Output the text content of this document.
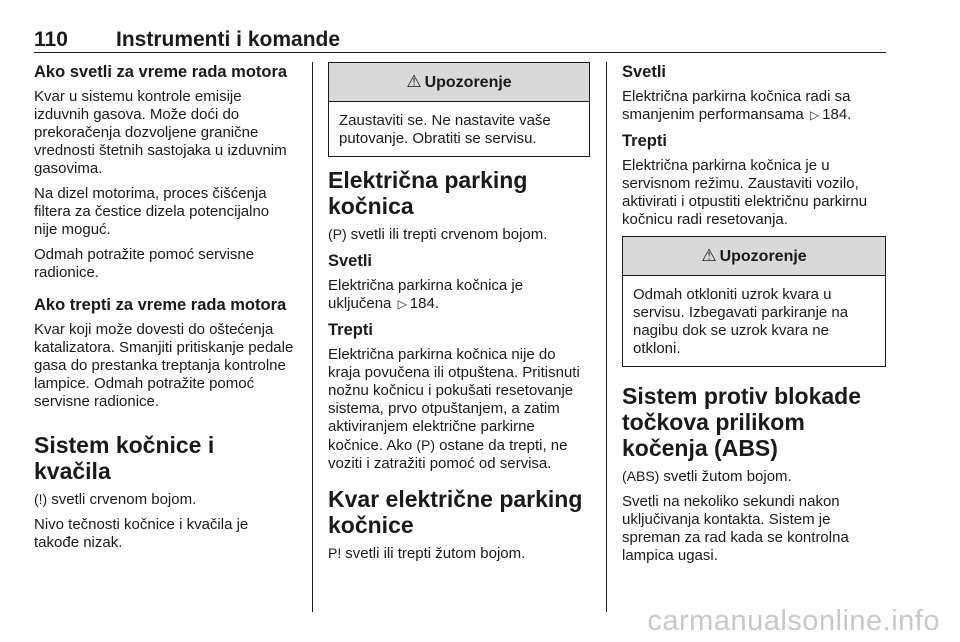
110 Instrumenti i komande
Ako svetli za vreme rada motora

Kvar u sistemu kontrole emisije izduvnih gasova. Može doći do prekoračenja dozvoljene granične vrednosti štetnih sastojaka u izduvnim gasovima.

Na dizel motorima, proces čišćenja filtera za čestice dizela potencijalno nije moguć.

Odmah potražite pomoć servisne radionice.

Ako trepti za vreme rada motora

Kvar koji može dovesti do oštećenja katalizatora. Smanjiti pritiskanje pedale gasa do prestanka treptanja kontrolne lampice. Odmah potražite pomoć servisne radionice.

Sistem kočnice i kvačila

(!) svetli crvenom bojom.

Nivo tečnosti kočnice i kvačila je takođe nizak.

⚠ Upozorenje
Zaustaviti se. Ne nastavite vaše putovanje. Obratiti se servisu.
Električna parking kočnica

(P) svetli ili trepti crvenom bojom.

Svetli

Električna parkirna kočnica je uključena ▷ 184.

Trepti

Električna parkirna kočnica nije do kraja povučena ili otpuštena. Pritisnuti nožnu kočnicu i pokušati resetovanje sistema, prvo otpuštanjem, a zatim aktiviranjem električne parkirne kočnice. Ako (P) ostane da trepti, ne voziti i zatražiti pomoć od servisa.

Kvar električne parking kočnice

P! svetli ili trepti žutom bojom.

Svetli

Električna parkirna kočnica radi sa smanjenim performansama ▷ 184.

Trepti

Električna parkirna kočnica je u servisnom režimu. Zaustaviti vozilo, aktivirati i otpustiti električnu parkirnu kočnicu radi resetovanja.

⚠ Upozorenje
Odmah otkloniti uzrok kvara u servisu. Izbegavati parkiranje na nagibu dok se uzrok kvara ne otkloni.
Sistem protiv blokade točkova prilikom kočenja (ABS)

(ABS) svetli žutom bojom.

Svetli na nekoliko sekundi nakon uključivanja kontakta. Sistem je spreman za rad kada se kontrolna lampica ugasi.

carmanualsonline.info
